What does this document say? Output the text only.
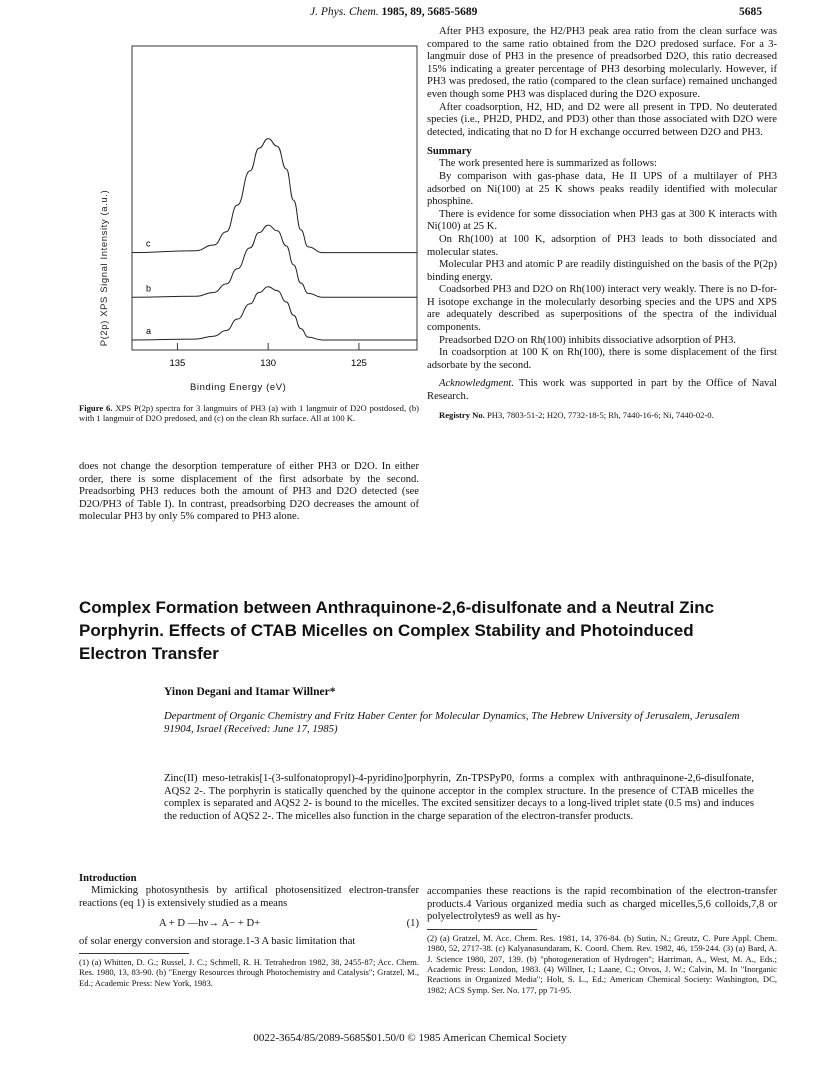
J. Phys. Chem. 1985, 89, 5685-5689	5685
P(2p) XPS Signal Intensity (a.u.)	a
b
c
135	130	125
Binding Energy (eV)
Figure 6. XPS P(2p) spectra for 3 langmuirs of PH3 (a) with 1 langmuir of D2O postdosed, (b) with 1 langmuir of D2O predosed, and (c) on the clean Rh surface. All at 100 K.

does not change the desorption temperature of either PH3 or D2O. In either order, there is some displacement of the first adsorbate by the second. Preadsorbing PH3 reduces both the amount of PH3 and D2O detected (see D2O/PH3 of Table I). In contrast, preadsorbing D2O decreases the amount of molecular PH3 by only 5% compared to PH3 alone.

After PH3 exposure, the H2/PH3 peak area ratio from the clean surface was compared to the same ratio obtained from the D2O predosed surface. For a 3-langmuir dose of PH3 in the presence of preadsorbed D2O, this ratio decreased 15% indicating a greater percentage of PH3 desorbing molecularly. However, if PH3 was predosed, the ratio (compared to the clean surface) remained unchanged even though some PH3 was displaced during the D2O exposure.

After coadsorption, H2, HD, and D2 were all present in TPD. No deuterated species (i.e., PH2D, PHD2, and PD3) other than those associated with D2O were detected, indicating that no D for H exchange occurred between D2O and PH3.

Summary

The work presented here is summarized as follows:

By comparison with gas-phase data, He II UPS of a multilayer of PH3 adsorbed on Ni(100) at 25 K shows peaks readily identified with molecular phosphine.

There is evidence for some dissociation when PH3 gas at 300 K interacts with Ni(100) at 25 K.

On Rh(100) at 100 K, adsorption of PH3 leads to both dissociated and molecular states.

Molecular PH3 and atomic P are readily distinguished on the basis of the P(2p) binding energy.

Coadsorbed PH3 and D2O on Rh(100) interact very weakly. There is no D-for-H isotope exchange in the molecularly desorbing species and the UPS and XPS are adequately described as superpositions of the spectra of the individual components.

Preadsorbed D2O on Rh(100) inhibits dissociative adsorption of PH3.

In coadsorption at 100 K on Rh(100), there is some displacement of the first adsorbate by the second.

Acknowledgment. This work was supported in part by the Office of Naval Research.

Registry No. PH3, 7803-51-2; H2O, 7732-18-5; Rh, 7440-16-6; Ni, 7440-02-0.

Complex Formation between Anthraquinone-2,6-disulfonate and a Neutral Zinc Porphyrin. Effects of CTAB Micelles on Complex Stability and Photoinduced Electron Transfer
Yinon Degani and Itamar Willner*
Department of Organic Chemistry and Fritz Haber Center for Molecular Dynamics, The Hebrew University of Jerusalem, Jerusalem 91904, Israel (Received: June 17, 1985)
Zinc(II) meso-tetrakis[1-(3-sulfonatopropyl)-4-pyridino]porphyrin, Zn-TPSPyP0, forms a complex with anthraquinone-2,6-disulfonate, AQS2 2-. The porphyrin is statically quenched by the quinone acceptor in the complex structure. In the presence of CTAB micelles the complex is separated and AQS2 2- is bound to the micelles. The excited sensitizer decays to a long-lived triplet state (0.5 ms) and induces the reduction of AQS2 2-. The micelles also function in the charge separation of the electron-transfer products.
Introduction

Mimicking photosynthesis by artifical photosensitized electron-transfer reactions (eq 1) is extensively studied as a means

A + D —hν→ A− + D+	(1)

of solar energy conversion and storage.1-3 A basic limitation that

(1) (a) Whitten, D. G.; Russel, J. C.; Schmell, R. H. Tetrahedron 1982, 38, 2455-87; Acc. Chem. Res. 1980, 13, 83-90. (b) "Energy Resources through Photochemistry and Catalysis"; Gratzel, M., Ed.; Academic Press: New York, 1983.

accompanies these reactions is the rapid recombination of the electron-transfer products.4 Various organized media such as charged micelles,5,6 colloids,7,8 or polyelectrolytes9 as well as hy-

(2) (a) Gratzel, M. Acc. Chem. Res. 1981, 14, 376-84. (b) Sutin, N.; Greutz, C. Pure Appl. Chem. 1980, 52, 2717-38. (c) Kalyanasundaram, K. Coord. Chem. Rev. 1982, 46, 159-244. (3) (a) Bard, A. J. Science 1980, 207, 139. (b) "photogeneration of Hydrogen"; Harriman, A., West, M. A., Eds.; Academic Press: London, 1983. (4) Willner, I.; Laane, C.; Otvos, J. W.; Calvin, M. In "Inorganic Reactions in Organized Media"; Holt, S. L., Ed.; American Chemical Society: Washington, DC, 1982; ACS Symp. Ser. No. 177, pp 71-95.

0022-3654/85/2089-5685$01.50/0 © 1985 American Chemical Society
